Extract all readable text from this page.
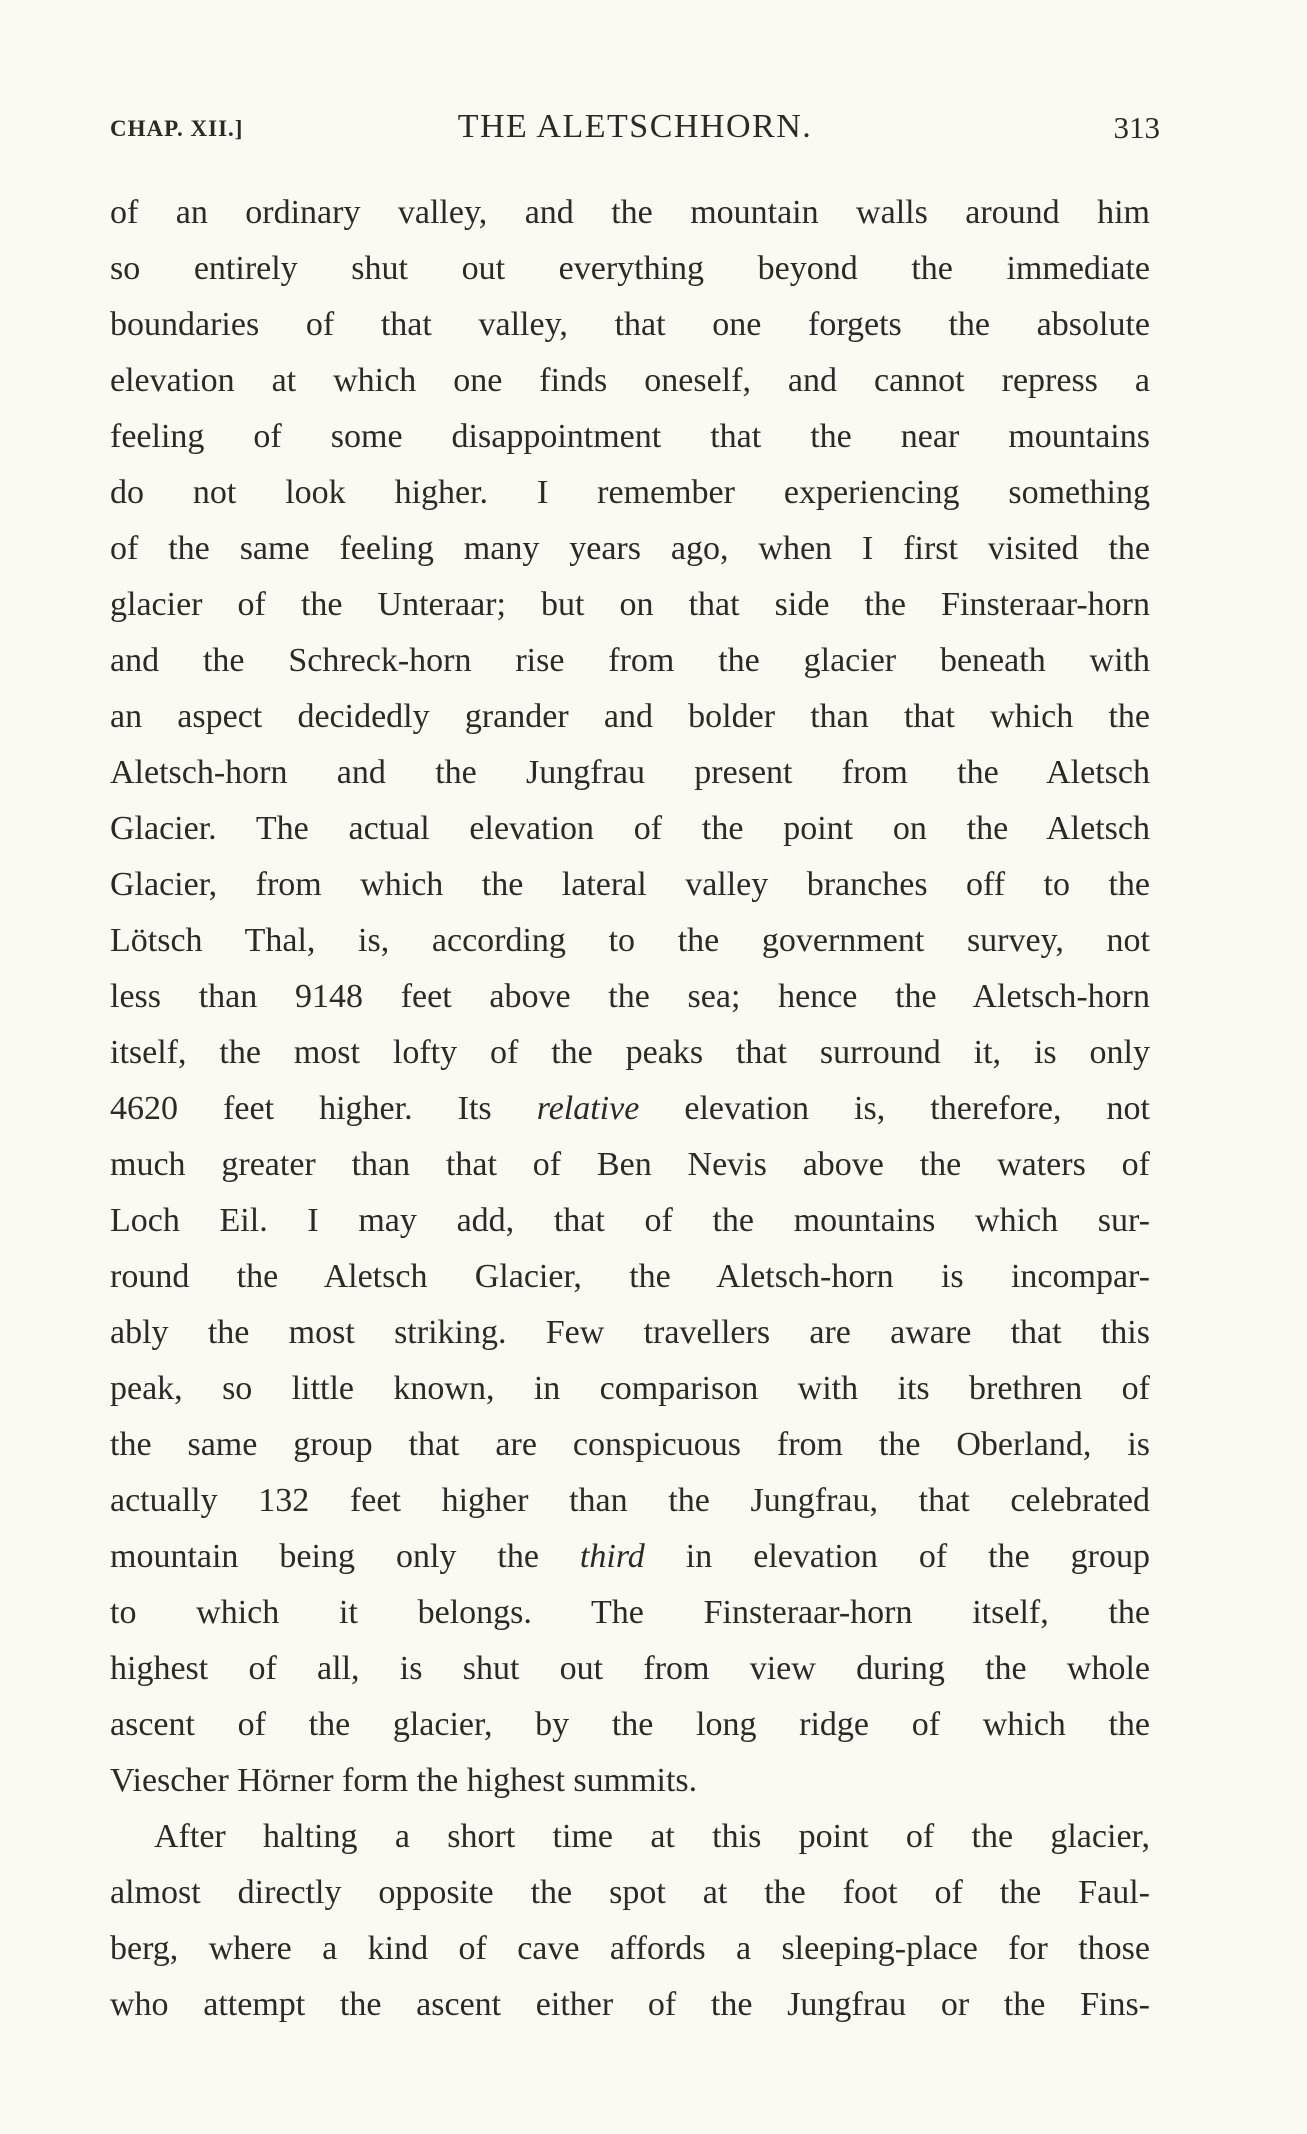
CHAP. XII.]	THE ALETSCHHORN.	313
of an ordinary valley, and the mountain walls around him
so entirely shut out everything beyond the immediate
boundaries of that valley, that one forgets the absolute
elevation at which one finds oneself, and cannot repress a
feeling of some disappointment that the near mountains
do not look higher. I remember experiencing something
of the same feeling many years ago, when I first visited the
glacier of the Unteraar; but on that side the Finsteraar-horn
and the Schreck-horn rise from the glacier beneath with
an aspect decidedly grander and bolder than that which the
Aletsch-horn and the Jungfrau present from the Aletsch
Glacier. The actual elevation of the point on the Aletsch
Glacier, from which the lateral valley branches off to the
Lötsch Thal, is, according to the government survey, not
less than 9148 feet above the sea; hence the Aletsch-horn
itself, the most lofty of the peaks that surround it, is only
4620 feet higher. Its relative elevation is, therefore, not
much greater than that of Ben Nevis above the waters of
Loch Eil. I may add, that of the mountains which sur-
round the Aletsch Glacier, the Aletsch-horn is incompar-
ably the most striking. Few travellers are aware that this
peak, so little known, in comparison with its brethren of
the same group that are conspicuous from the Oberland, is
actually 132 feet higher than the Jungfrau, that celebrated
mountain being only the third in elevation of the group
to which it belongs. The Finsteraar-horn itself, the
highest of all, is shut out from view during the whole
ascent of the glacier, by the long ridge of which the
Viescher Hörner form the highest summits.
After halting a short time at this point of the glacier,
almost directly opposite the spot at the foot of the Faul-
berg, where a kind of cave affords a sleeping-place for those
who attempt the ascent either of the Jungfrau or the Fins-
